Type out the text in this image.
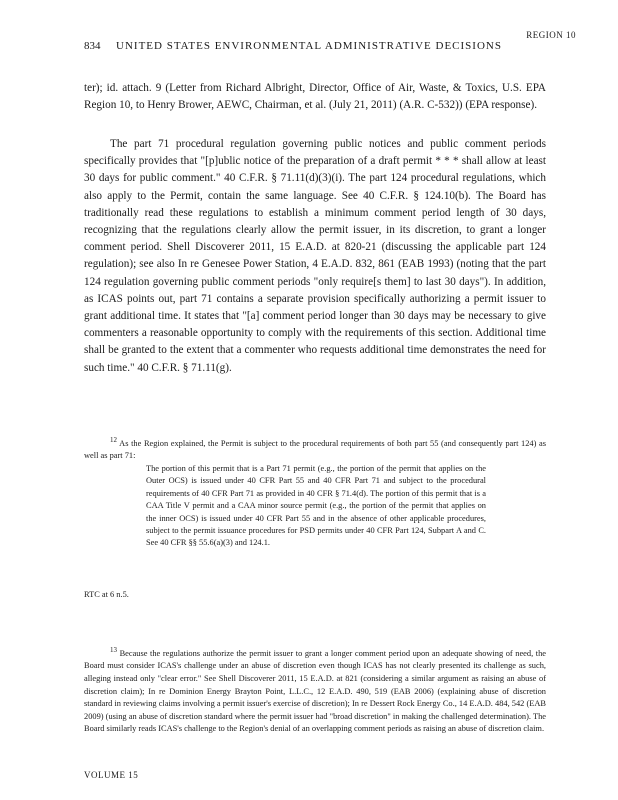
834	UNITED STATES ENVIRONMENTAL ADMINISTRATIVE DECISIONS
REGION 10
ter); id. attach. 9 (Letter from Richard Albright, Director, Office of Air, Waste, & Toxics, U.S. EPA Region 10, to Henry Brower, AEWC, Chairman, et al. (July 21, 2011) (A.R. C-532)) (EPA response).
The part 71 procedural regulation governing public notices and public comment periods specifically provides that "[p]ublic notice of the preparation of a draft permit * * * shall allow at least 30 days for public comment." 40 C.F.R. § 71.11(d)(3)(i). The part 124 procedural regulations, which also apply to the Permit, contain the same language. See 40 C.F.R. § 124.10(b). The Board has traditionally read these regulations to establish a minimum comment period length of 30 days, recognizing that the regulations clearly allow the permit issuer, in its discretion, to grant a longer comment period. Shell Discoverer 2011, 15 E.A.D. at 820-21 (discussing the applicable part 124 regulation); see also In re Genesee Power Station, 4 E.A.D. 832, 861 (EAB 1993) (noting that the part 124 regulation governing public comment periods "only require[s them] to last 30 days"). In addition, as ICAS points out, part 71 contains a separate provision specifically authorizing a permit issuer to grant additional time. It states that "[a] comment period longer than 30 days may be necessary to give commenters a reasonable opportunity to comply with the requirements of this section. Additional time shall be granted to the extent that a commenter who requests additional time demonstrates the need for such time." 40 C.F.R. § 71.11(g).
$^{12}$ As the Region explained, the Permit is subject to the procedural requirements of both part 55 (and consequently part 124) as well as part 71:
The portion of this permit that is a Part 71 permit (e.g., the portion of the permit that applies on the Outer OCS) is issued under 40 CFR Part 55 and 40 CFR Part 71 and subject to the procedural requirements of 40 CFR Part 71 as provided in 40 CFR § 71.4(d). The portion of this permit that is a CAA Title V permit and a CAA minor source permit (e.g., the portion of the permit that applies on the inner OCS) is issued under 40 CFR Part 55 and in the absence of other applicable procedures, subject to the permit issuance procedures for PSD permits under 40 CFR Part 124, Subpart A and C. See 40 CFR §§ 55.6(a)(3) and 124.1.
RTC at 6 n.5.
$^{13}$ Because the regulations authorize the permit issuer to grant a longer comment period upon an adequate showing of need, the Board must consider ICAS's challenge under an abuse of discretion even though ICAS has not clearly presented its challenge as such, alleging instead only "clear error." See Shell Discoverer 2011, 15 E.A.D. at 821 (considering a similar argument as raising an abuse of discretion claim); In re Dominion Energy Brayton Point, L.L.C., 12 E.A.D. 490, 519 (EAB 2006) (explaining abuse of discretion standard in reviewing claims involving a permit issuer's exercise of discretion); In re Dessert Rock Energy Co., 14 E.A.D. 484, 542 (EAB 2009) (using an abuse of discretion standard where the permit issuer had "broad discretion" in making the challenged determination). The Board similarly reads ICAS's challenge to the Region's denial of an overlapping comment periods as raising an abuse of discretion claim.
VOLUME 15
